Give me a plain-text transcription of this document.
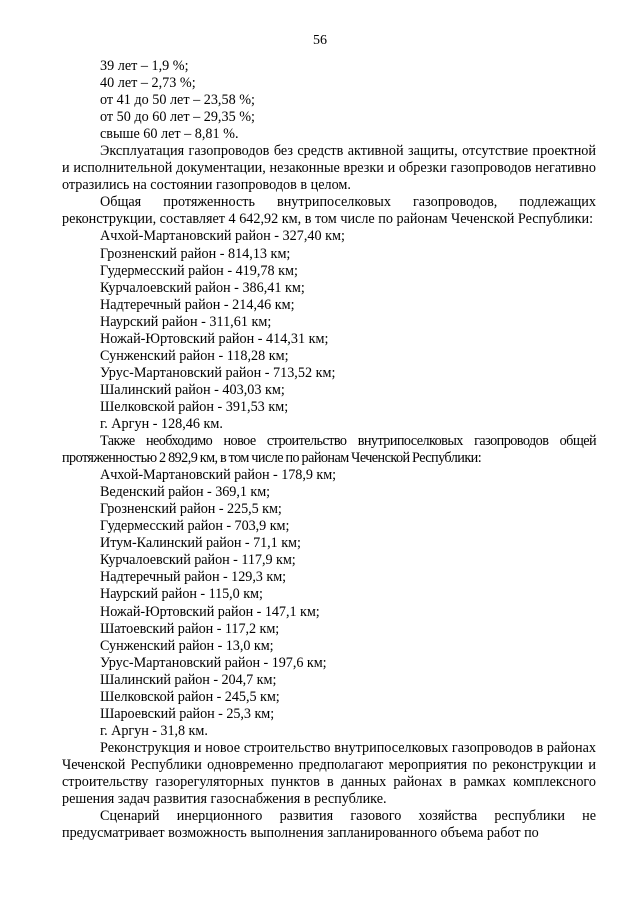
56
39 лет – 1,9 %;
40 лет – 2,73 %;
от 41 до 50 лет – 23,58 %;
от 50 до 60 лет – 29,35 %;
свыше 60 лет – 8,81 %.

Эксплуатация газопроводов без средств активной защиты, отсутствие проектной и исполнительной документации, незаконные врезки и обрезки газопроводов негативно отразились на состоянии газопроводов в целом.

Общая протяженность внутрипоселковых газопроводов, подлежащих реконструкции, составляет 4 642,92 км, в том числе по районам Чеченской Республики:

Ачхой-Мартановский район - 327,40 км;
Грозненский район - 814,13 км;
Гудермесский район - 419,78 км;
Курчалоевский район - 386,41 км;
Надтеречный район - 214,46 км;
Наурский район - 311,61 км;
Ножай-Юртовский район - 414,31 км;
Сунженский район - 118,28 км;
Урус-Мартановский район - 713,52 км;
Шалинский район - 403,03 км;
Шелковской район - 391,53 км;
г. Аргун - 128,46 км.

Также необходимо новое строительство внутрипоселковых газопроводов общей протяженностью 2 892,9 км, в том числе по районам Чеченской Республики:

Ачхой-Мартановский район - 178,9 км;
Веденский район - 369,1 км;
Грозненский район - 225,5 км;
Гудермесский район - 703,9 км;
Итум-Калинский район - 71,1 км;
Курчалоевский район - 117,9 км;
Надтеречный район - 129,3 км;
Наурский район - 115,0 км;
Ножай-Юртовский район - 147,1 км;
Шатоевский район - 117,2 км;
Сунженский район - 13,0 км;
Урус-Мартановский район - 197,6 км;
Шалинский район - 204,7 км;
Шелковской район - 245,5 км;
Шароевский район - 25,3 км;
г. Аргун - 31,8 км.

Реконструкция и новое строительство внутрипоселковых газопроводов в районах Чеченской Республики одновременно предполагают мероприятия по реконструкции и строительству газорегуляторных пунктов в данных районах в рамках комплексного решения задач развития газоснабжения в республике.

Сценарий инерционного развития газового хозяйства республики не предусматривает возможность выполнения запланированного объема работ по
